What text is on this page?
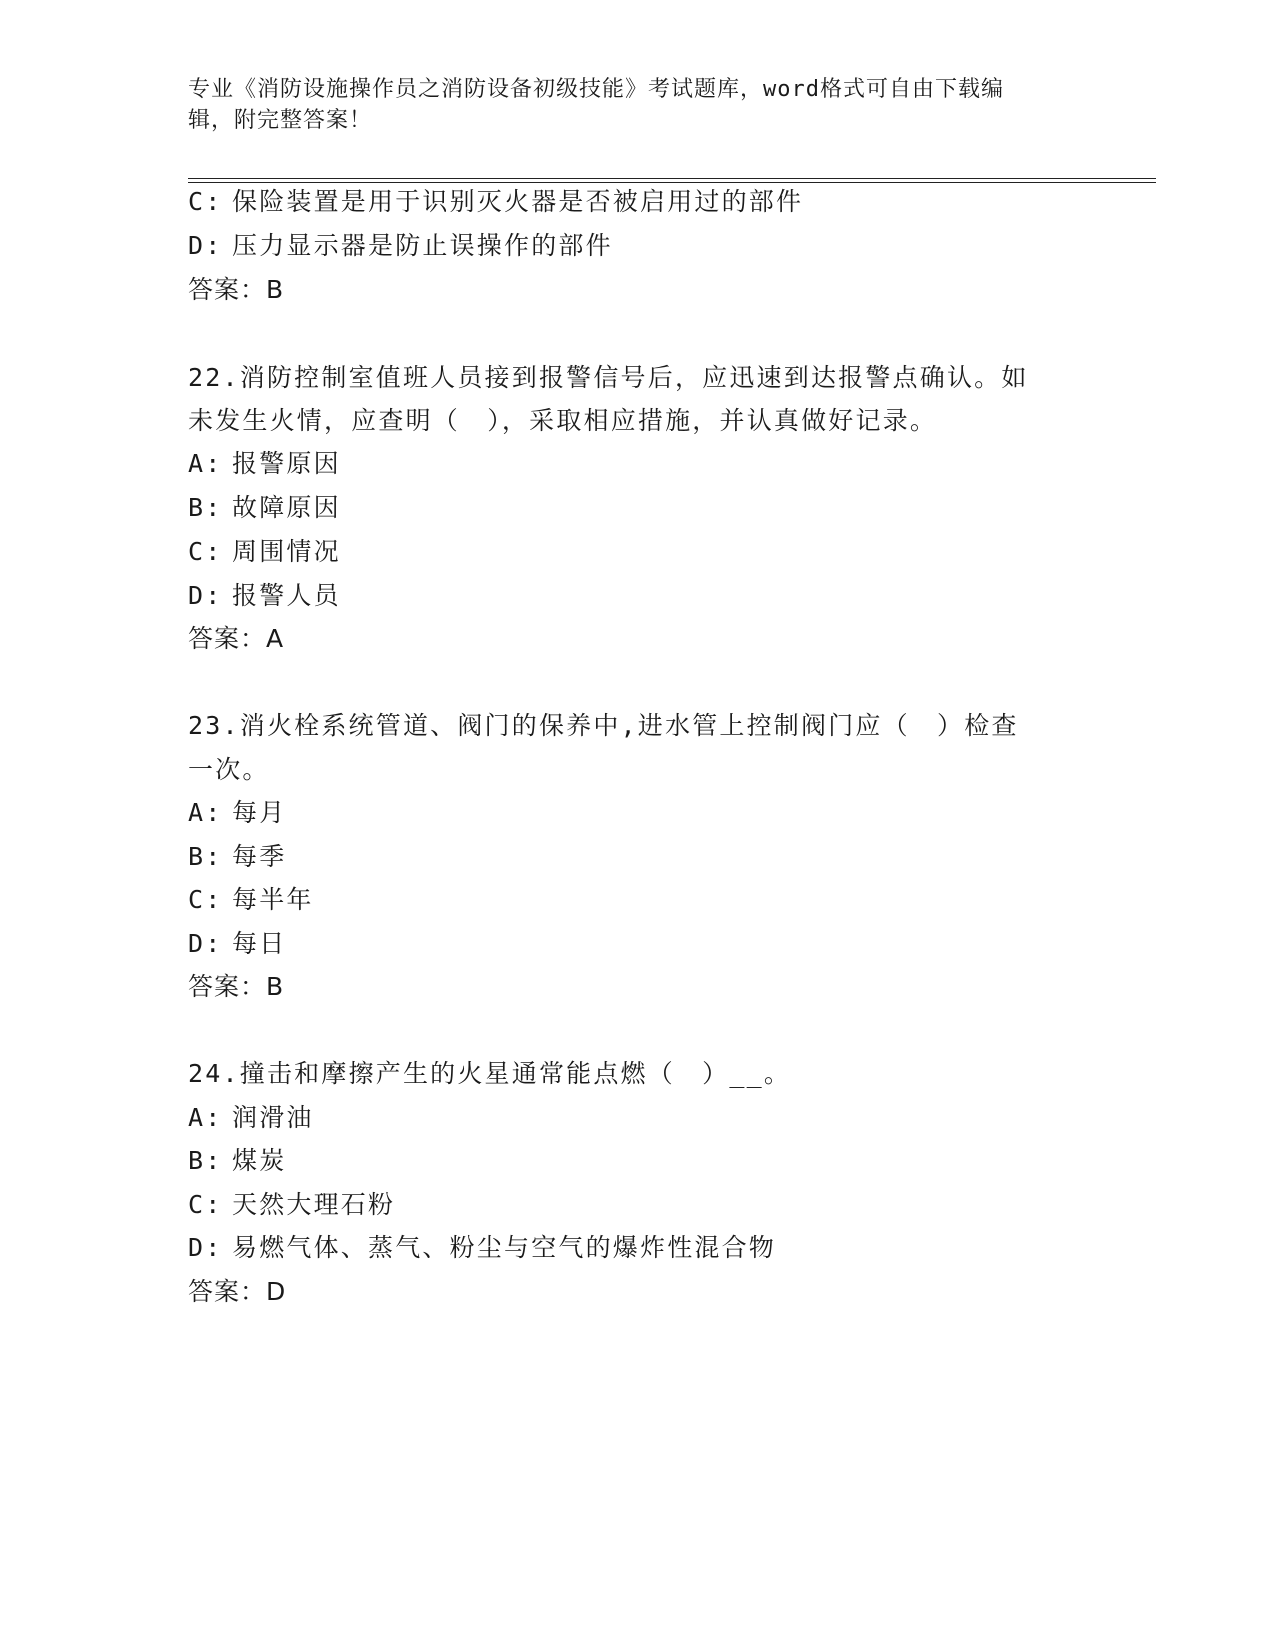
专业《消防设施操作员之消防设备初级技能》考试题库，word格式可自由下载编
辑，附完整答案！
C: 保险装置是用于识别灭火器是否被启用过的部件
D: 压力显示器是防止误操作的部件
答案：B
22.消防控制室值班人员接到报警信号后，应迅速到达报警点确认。如
未发生火情，应查明（　），采取相应措施，并认真做好记录。
A: 报警原因
B: 故障原因
C: 周围情况
D: 报警人员
答案：A
23.消火栓系统管道、阀门的保养中,进水管上控制阀门应（　）检查
一次。
A: 每月
B: 每季
C: 每半年
D: 每日
答案：B
24.撞击和摩擦产生的火星通常能点燃（　）__。
A: 润滑油
B: 煤炭
C: 天然大理石粉
D: 易燃气体、蒸气、粉尘与空气的爆炸性混合物
答案：D
